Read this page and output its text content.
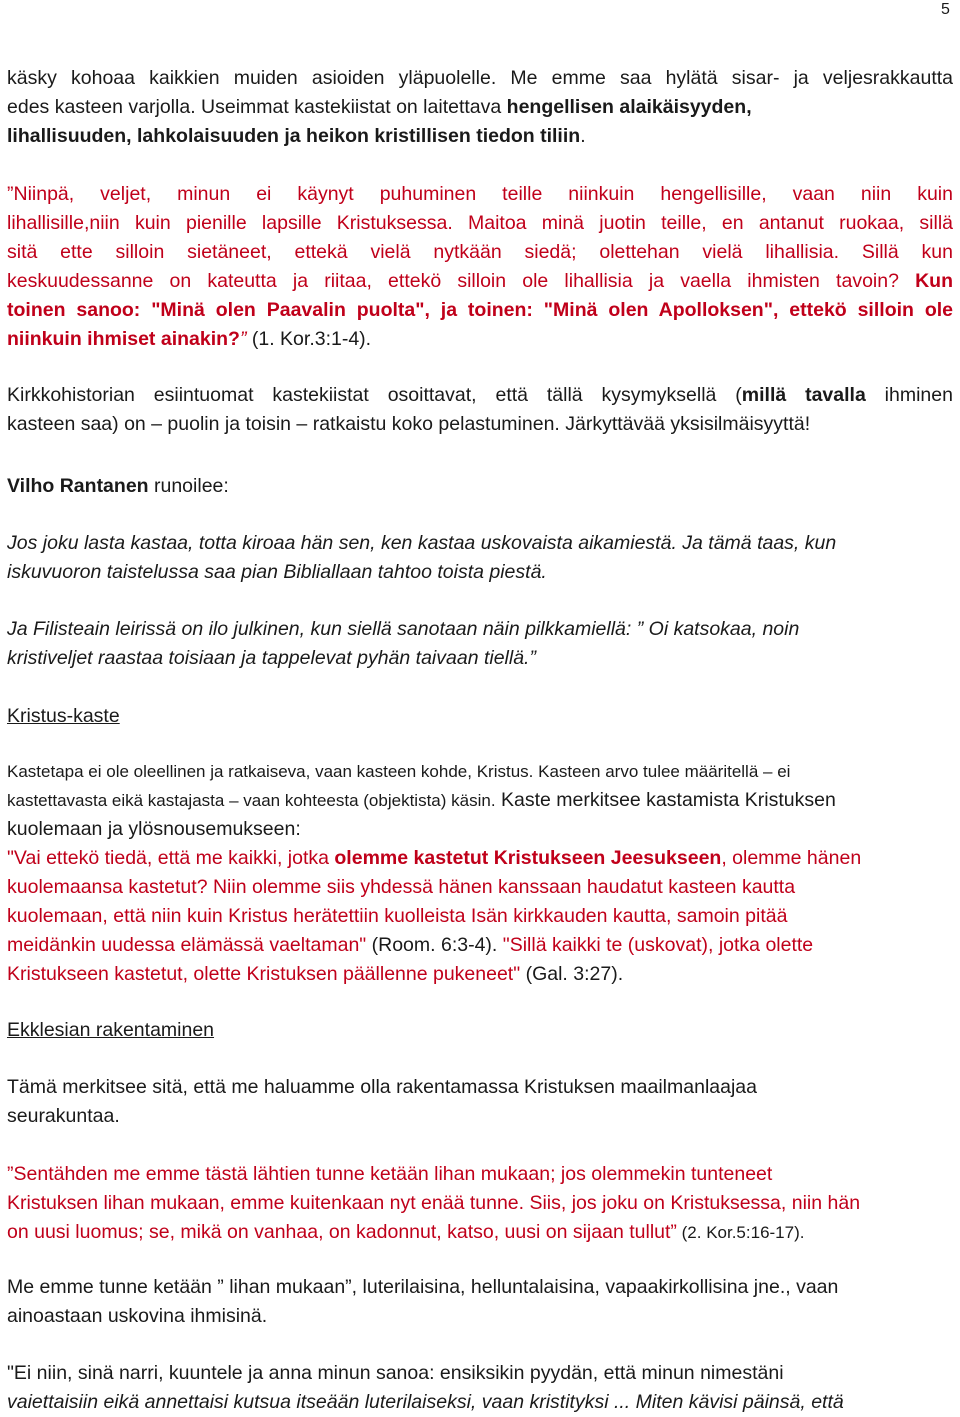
5
käsky kohoaa kaikkien muiden asioiden yläpuolelle. Me emme saa hylätä sisar- ja veljesrakkautta
edes kasteen varjolla. Useimmat kastekiistat on laitettava hengellisen alaikäisyyden,
lihallisuuden, lahkolaisuuden ja heikon kristillisen tiedon tiliin.
”Niinpä, veljet, minun ei käynyt puhuminen teille niinkuin hengellisille, vaan niin kuin
lihallisille,niin kuin pienille lapsille Kristuksessa. Maitoa minä juotin teille, en antanut ruokaa, sillä
sitä ette silloin sietäneet, ettekä vielä nytkään siedä; olettehan vielä lihallisia. Sillä kun
keskuudessanne on kateutta ja riitaa, ettekö silloin ole lihallisia ja vaella ihmisten tavoin? Kun
toinen sanoo: "Minä olen Paavalin puolta", ja toinen: "Minä olen Apolloksen", ettekö silloin ole
niinkuin ihmiset ainakin?” (1. Kor.3:1-4).
Kirkkohistorian esiintuomat kastekiistat osoittavat, että tällä kysymyksellä (millä tavalla ihminen
kasteen saa) on – puolin ja toisin – ratkaistu koko pelastuminen. Järkyttävää yksisilmäisyyttä!
Vilho Rantanen runoilee:
Jos joku lasta kastaa, totta kiroaa hän sen, ken kastaa uskovaista aikamiestä. Ja tämä taas, kun
iskuvuoron taistelussa saa pian Bibliallaan tahtoo toista piestä.
Ja Filisteain leirissä on ilo julkinen, kun siellä sanotaan näin pilkkamiellä: ” Oi katsokaa, noin
kristiveljet raastaa toisiaan ja tappelevat pyhän taivaan tiellä.”
Kristus-kaste
Kastetapa ei ole oleellinen ja ratkaiseva, vaan kasteen kohde, Kristus. Kasteen arvo tulee määritellä – ei
kastettavasta eikä kastajasta – vaan kohteesta (objektista) käsin. Kaste merkitsee kastamista Kristuksen
kuolemaan ja ylösnousemukseen:
"Vai ettekö tiedä, että me kaikki, jotka olemme kastetut Kristukseen Jeesukseen, olemme hänen
kuolemaansa kastetut? Niin olemme siis yhdessä hänen kanssaan haudatut kasteen kautta
kuolemaan, että niin kuin Kristus herätettiin kuolleista Isän kirkkauden kautta, samoin pitää
meidänkin uudessa elämässä vaeltaman" (Room. 6:3-4). "Sillä kaikki te (uskovat), jotka olette
Kristukseen kastetut, olette Kristuksen päällenne pukeneet" (Gal. 3:27).
Ekklesian rakentaminen
Tämä merkitsee sitä, että me haluamme olla rakentamassa Kristuksen maailmanlaajaa
seurakuntaa.
”Sentähden me emme tästä lähtien tunne ketään lihan mukaan; jos olemmekin tunteneet
Kristuksen lihan mukaan, emme kuitenkaan nyt enää tunne. Siis, jos joku on Kristuksessa, niin hän
on uusi luomus; se, mikä on vanhaa, on kadonnut, katso, uusi on sijaan tullut” (2. Kor.5:16-17).
Me emme tunne ketään ” lihan mukaan”, luterilaisina, helluntalaisina, vapaakirkollisina jne., vaan
ainoastaan uskovina ihmisinä.
"Ei niin, sinä narri, kuuntele ja anna minun sanoa: ensiksikin pyydän, että minun nimestäni
vaiettaisiin eikä annettaisi kutsua itseään luterilaiseksi, vaan kristityksi ... Miten kävisi päinsä, että
